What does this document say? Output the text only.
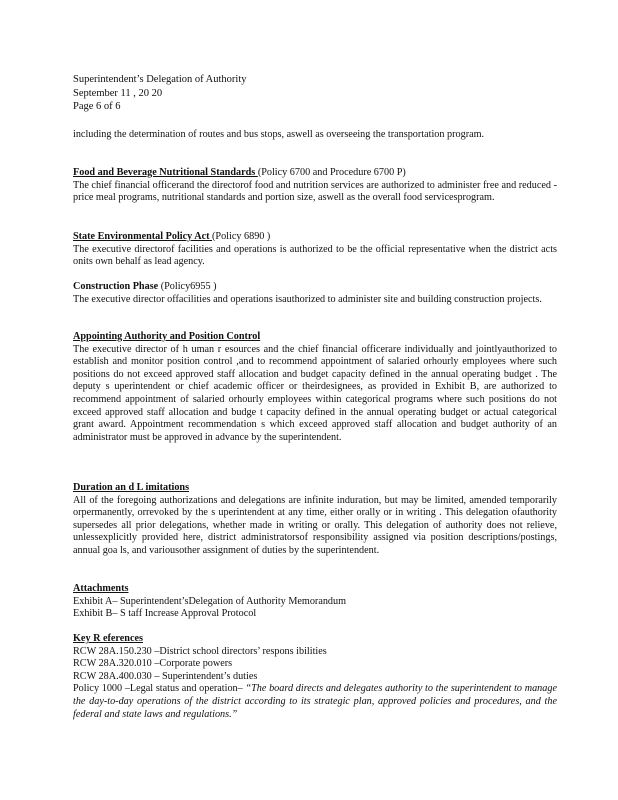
Superintendent’s Delegation of Authority
September 11 , 20 20
Page 6 of 6

including the determination of routes and bus stops, aswell as overseeing the transportation program.

Food and Beverage Nutritional Standards (Policy 6700 and Procedure 6700 P)

The chief financial officerand the directorof food and nutrition services are authorized to administer free and reduced -price meal programs, nutritional standards and portion size, aswell as the overall food servicesprogram.

State Environmental Policy Act (Policy 6890 )

The executive directorof facilities and operations is authorized to be the official representative when the district acts onits own behalf as lead agency.

Construction Phase (Policy6955 )

The executive director offacilities and operations isauthorized to administer site and building construction projects.

Appointing Authority and Position Control

The executive director of h uman r esources and the chief financial officerare individually and jointlyauthorized to establish and monitor position control ,and to recommend appointment of salaried orhourly employees where such positions do not exceed approved staff allocation and budget capacity defined in the annual operating budget . The deputy s uperintendent or chief academic officer or theirdesignees, as provided in Exhibit B, are authorized to recommend appointment of salaried orhourly employees within categorical programs where such positions do not exceed approved staff allocation and budge t capacity defined in the annual operating budget or actual categorical grant award. Appointment recommendation s which exceed approved staff allocation and budget authority of an administrator must be approved in advance by the superintendent.

Duration an d L imitations

All of the foregoing authorizations and delegations are infinite induration, but may be limited, amended temporarily orpermanently, orrevoked by the s uperintendent at any time, either orally or in writing . This delegation ofauthority supersedes all prior delegations, whether made in writing or orally. This delegation of authority does not relieve, unlessexplicitly provided here, district administratorsof responsibility assigned via position descriptions/postings, annual goa ls, and variousother assignment of duties by the superintendent.

Attachments

Exhibit A– Superintendent’sDelegation of Authority Memorandum
Exhibit B– S taff Increase Approval Protocol

Key R eferences

RCW 28A.150.230 –District school directors’ respons ibilities
RCW 28A.320.010 –Corporate powers
RCW 28A.400.030 – Superintendent’s duties

Policy 1000 –Legal status and operation– “The board directs and delegates authority to the superintendent to manage the day-to-day operations of the district according to its strategic plan, approved policies and procedures, and the federal and state laws and regulations.”
